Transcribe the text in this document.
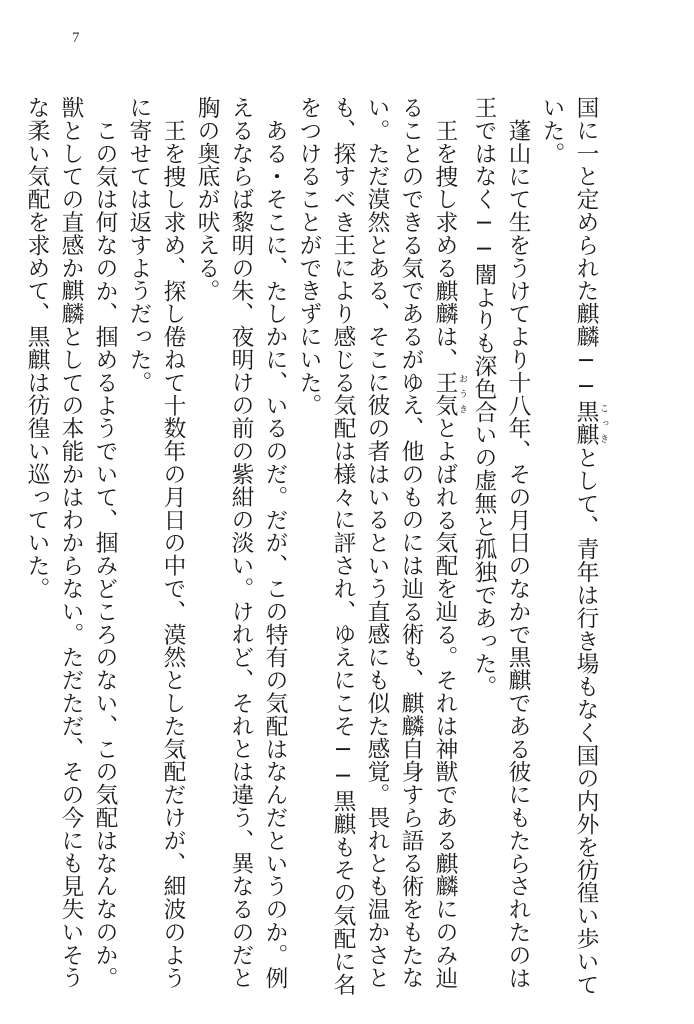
7

国に一と定められた麒麟──黒麒 こっきとして、青年は行き場もなく国の内外を彷徨い歩いていた。

蓬山にて生をうけてより十八年、その月日のなかで黒麒である彼にもたらされたのは王ではなく──闇よりも深色合いの虚無と孤独であった。

王を捜し求める麒麟は、王気 おうきとよばれる気配を辿る。それは神獣である麒麟にのみ辿ることのできる気であるがゆえ、他のものには辿る術も、麒麟自身すら語る術をもたない。ただ漠然とある、そこに彼の者はいるという直感にも似た感覚。畏れとも温かさとも、探すべき王により感じる気配は様々に評され、ゆえにこそ──黒麒もその気配に名をつけることができずにいた。

ある・そこに、たしかに、いるのだ。だが、この特有の気配はなんだというのか。例えるならば黎明の朱、夜明けの前の紫紺の淡い。けれど、それとは違う、異なるのだと胸の奥底が吠える。

王を捜し求め、探し倦ねて十数年の月日の中で、漠然とした気配だけが、細波のように寄せては返すようだった。

この気は何なのか、掴めるようでいて、掴みどころのない、この気配はなんなのか。獣としての直感か麒麟としての本能かはわからない。ただただ、その今にも見失いそうな柔い気配を求めて、黒麒は彷徨い巡っていた。
